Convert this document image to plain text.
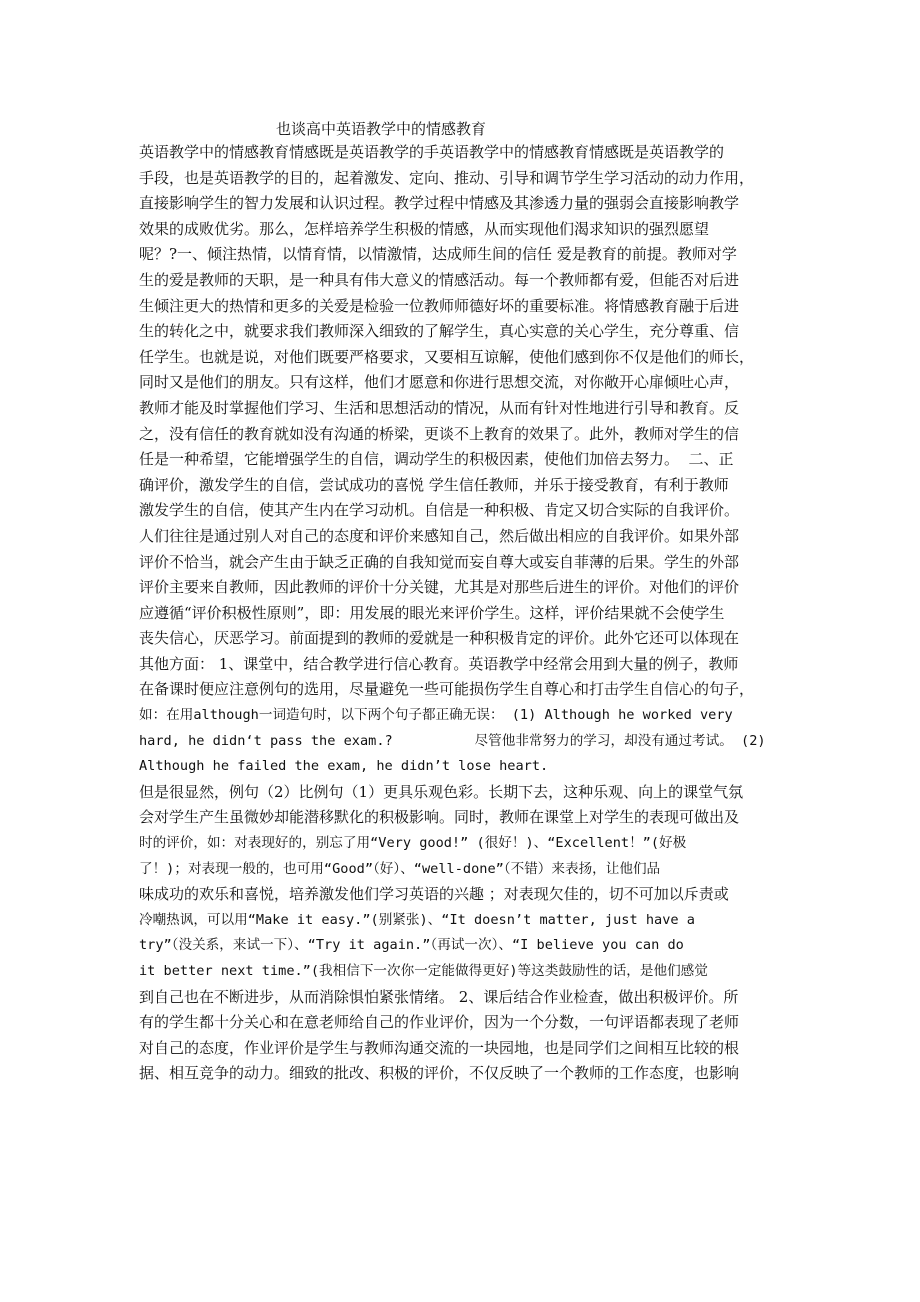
也谈高中英语教学中的情感教育
英语教学中的情感教育情感既是英语教学的手英语教学中的情感教育情感既是英语教学的
手段，也是英语教学的目的，起着激发、定向、推动、引导和调节学生学习活动的动力作用，
直接影响学生的智力发展和认识过程。教学过程中情感及其渗透力量的强弱会直接影响教学
效果的成败优劣。那么，怎样培养学生积极的情感，从而实现他们渴求知识的强烈愿望
呢？?一、倾注热情，以情育情，以情激情，达成师生间的信任 爱是教育的前提。教师对学
生的爱是教师的天职，是一种具有伟大意义的情感活动。每一个教师都有爱，但能否对后进
生倾注更大的热情和更多的关爱是检验一位教师师德好坏的重要标准。将情感教育融于后进
生的转化之中，就要求我们教师深入细致的了解学生，真心实意的关心学生，充分尊重、信
任学生。也就是说，对他们既要严格要求，又要相互谅解，使他们感到你不仅是他们的师长，
同时又是他们的朋友。只有这样，他们才愿意和你进行思想交流，对你敞开心扉倾吐心声，
教师才能及时掌握他们学习、生活和思想活动的情况，从而有针对性地进行引导和教育。反
之，没有信任的教育就如没有沟通的桥梁，更谈不上教育的效果了。此外，教师对学生的信
任是一种希望，它能增强学生的自信，调动学生的积极因素，使他们加倍去努力。  二、正
确评价，激发学生的自信，尝试成功的喜悦 学生信任教师，并乐于接受教育，有利于教师
激发学生的自信，使其产生内在学习动机。自信是一种积极、肯定又切合实际的自我评价。
人们往往是通过别人对自己的态度和评价来感知自己，然后做出相应的自我评价。如果外部
评价不恰当，就会产生由于缺乏正确的自我知觉而妄自尊大或妄自菲薄的后果。学生的外部
评价主要来自教师，因此教师的评价十分关键，尤其是对那些后进生的评价。对他们的评价
应遵循“评价积极性原则”，即：用发展的眼光来评价学生。这样，评价结果就不会使学生
丧失信心，厌恶学习。前面提到的教师的爱就是一种积极肯定的评价。此外它还可以体现在
其他方面： 1、课堂中，结合教学进行信心教育。英语教学中经常会用到大量的例子，教师
在备课时便应注意例句的选用，尽量避免一些可能损伤学生自尊心和打击学生自信心的句子，
如：在用although一词造句时，以下两个句子都正确无误： (1) Although he worked very
hard, he didn‘t pass the exam.?          尽管他非常努力的学习，却没有通过考试。 (2)
Although he failed the exam, he didn’t lose heart.
但是很显然，例句（2）比例句（1）更具乐观色彩。长期下去，这种乐观、向上的课堂气氛
会对学生产生虽微妙却能潜移默化的积极影响。同时，教师在课堂上对学生的表现可做出及
时的评价，如：对表现好的，别忘了用“Very good!” (很好！)、“Excellent！”(好极
了！)；对表现一般的，也可用“Good”（好）、“well-done”（不错）来表扬，让他们品
味成功的欢乐和喜悦，培养激发他们学习英语的兴趣 ；对表现欠佳的，切不可加以斥责或
冷嘲热讽，可以用“Make it easy.”(别紧张)、“It doesn’t matter, just have a
try”（没关系，来试一下）、“Try it again.”（再试一次）、“I believe you can do
it better next time.”(我相信下一次你一定能做得更好)等这类鼓励性的话，是他们感觉
到自己也在不断进步，从而消除惧怕紧张情绪。 2、课后结合作业检查，做出积极评价。所
有的学生都十分关心和在意老师给自己的作业评价，因为一个分数，一句评语都表现了老师
对自己的态度，作业评价是学生与教师沟通交流的一块园地，也是同学们之间相互比较的根
据、相互竞争的动力。细致的批改、积极的评价，不仅反映了一个教师的工作态度，也影响
